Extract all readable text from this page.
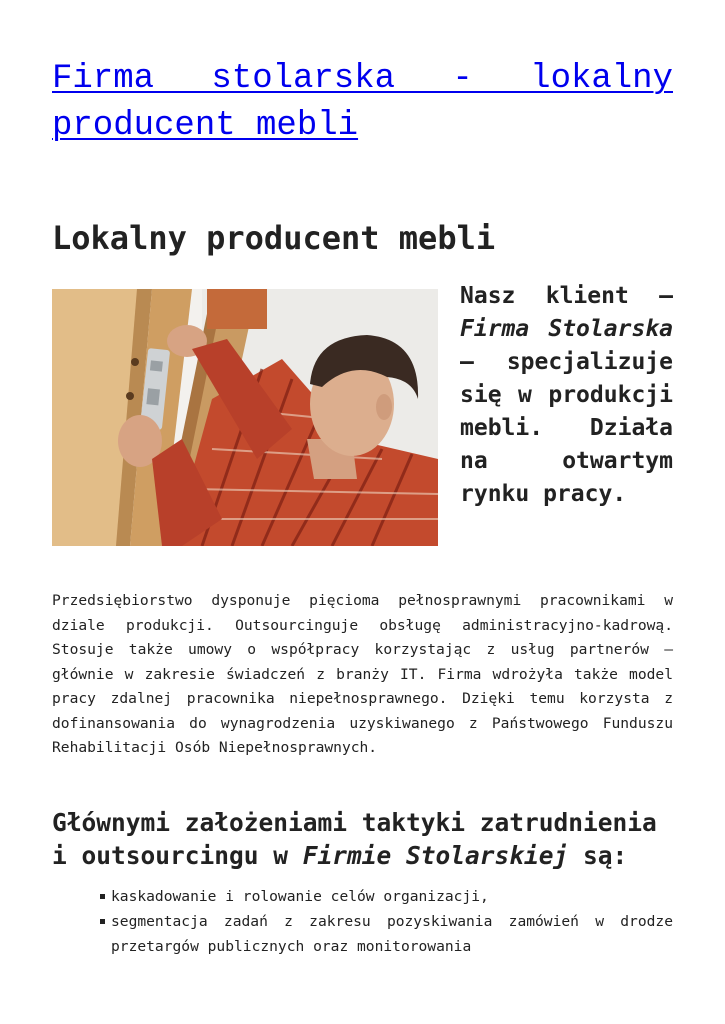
Firma stolarska - lokalny producent mebli
Lokalny producent mebli

Nasz klient – Firma Stolarska – specjalizuje się w produkcji mebli. Działa na otwartym rynku pracy.

Przedsiębiorstwo dysponuje pięcioma pełnosprawnymi pracownikami w dziale produkcji. Outsourcinguje obsługę administracyjno-kadrową. Stosuje także umowy o współpracy korzystając z usług partnerów – głównie w zakresie świadczeń z branży IT. Firma wdrożyła także model pracy zdalnej pracownika niepełnosprawnego. Dzięki temu korzysta z dofinansowania do wynagrodzenia uzyskiwanego z Państwowego Funduszu Rehabilitacji Osób Niepełnosprawnych.

Głównymi założeniami taktyki zatrudnienia i outsourcingu w Firmie Stolarskiej są:
kaskadowanie i rolowanie celów organizacji,
segmentacja zadań z zakresu pozyskiwania zamówień w drodze przetargów publicznych oraz monitorowania
